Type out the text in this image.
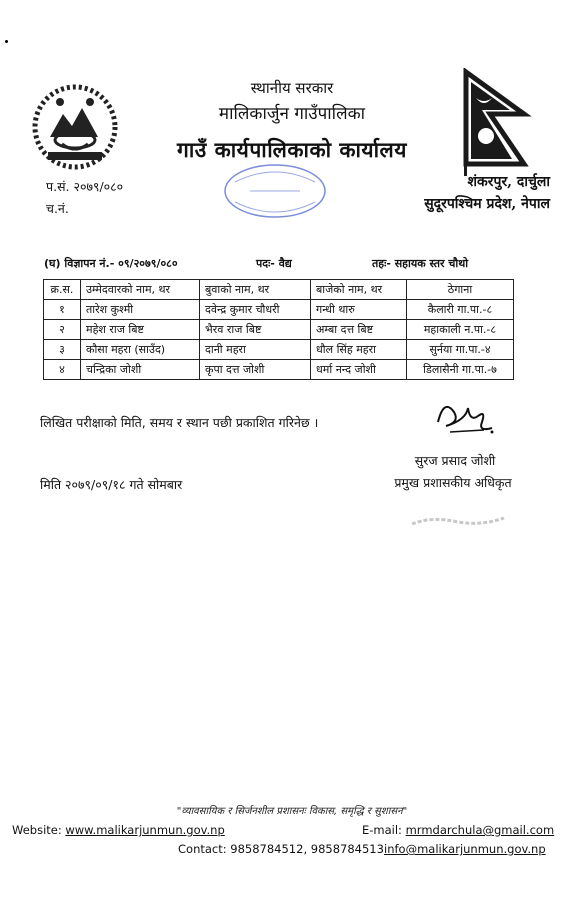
स्थानीय सरकार
मालिकार्जुन गाउँपालिका
गाउँ कार्यपालिकाको कार्यालय
प.सं. २०७९/०८०
च.नं.
शंकरपुर, दार्चुला
सुदूरपश्चिम प्रदेश, नेपाल
(घ) विज्ञापन नं.- ०९/२०७९/०८०	पदः- वैद्य	तहः- सहायक स्तर चौथो
क्र.स.	उम्मेदवारको नाम, थर	बुवाको नाम, थर	बाजेको नाम, थर	ठेगाना
१	तारेश कुश्मी	दवेन्द्र कुमार चौधरी	गन्धी थारु	कैलारी गा.पा.-८
२	महेश राज बिष्ट	भैरव राज बिष्ट	अम्बा दत्त बिष्ट	महाकाली न.पा.-८
३	कौसा महरा (साउँद)	दानी महरा	धौल सिंह महरा	सुर्नया गा.पा.-४
४	चन्द्रिका जोशी	कृपा दत्त जोशी	धर्मा नन्द जोशी	डिलासैनी गा.पा.-७
लिखित परीक्षाको मिति, समय र स्थान पछी प्रकाशित गरिनेछ ।
सुरज प्रसाद जोशी
प्रमुख प्रशासकीय अधिकृत
मिति २०७९/०९/१८ गते सोमबार
"व्यावसायिक र सिर्जनशील प्रशासनः विकास, समृद्धि र सुशासन"
Website: www.malikarjunmun.gov.np	E-mail: mrmdarchula@gmail.com
Contact: 9858784512, 9858784513 info@malikarjunmun.gov.np
